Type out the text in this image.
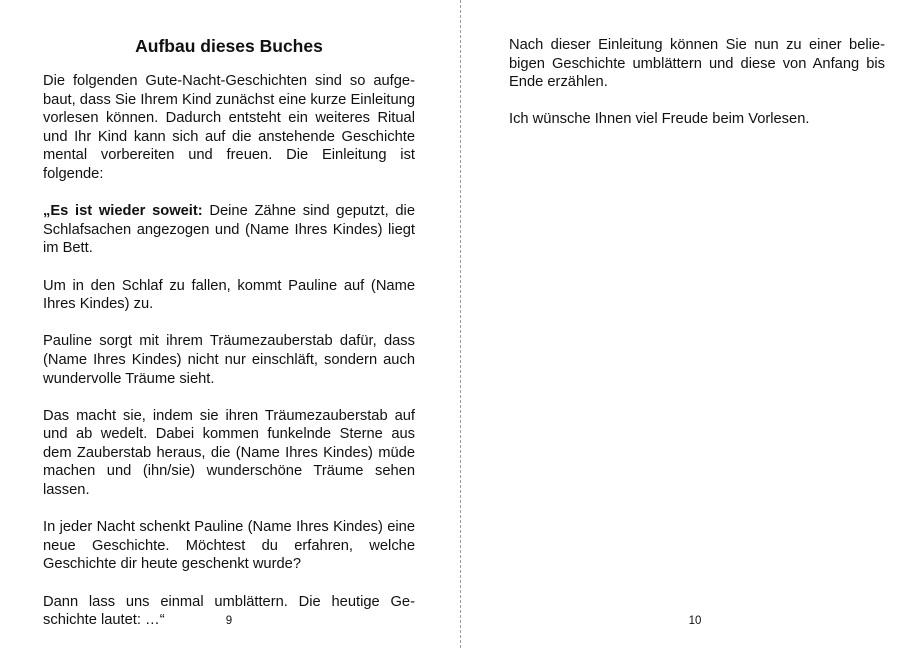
Aufbau dieses Buches

Die folgenden Gute-Nacht-Geschichten sind so aufgebaut, dass Sie Ihrem Kind zunächst eine kurze Einleitung vorlesen können. Dadurch entsteht ein weiteres Ritual und Ihr Kind kann sich auf die anstehende Geschichte mental vorbereiten und freuen. Die Einleitung ist folgende:

„Es ist wieder soweit: Deine Zähne sind geputzt, die Schlafsachen angezogen und (Name Ihres Kindes) liegt im Bett.

Um in den Schlaf zu fallen, kommt Pauline auf (Name Ihres Kindes) zu.

Pauline sorgt mit ihrem Träumezauberstab dafür, dass (Name Ihres Kindes) nicht nur einschläft, sondern auch wundervolle Träume sieht.

Das macht sie, indem sie ihren Träumezauberstab auf und ab wedelt. Dabei kommen funkelnde Sterne aus dem Zauberstab heraus, die (Name Ihres Kindes) müde machen und (ihn/sie) wunderschöne Träume sehen lassen.

In jeder Nacht schenkt Pauline (Name Ihres Kindes) eine neue Geschichte. Möchtest du erfahren, welche Geschichte dir heute geschenkt wurde?

Dann lass uns einmal umblättern. Die heutige Geschichte lautet: …“	9

Nach dieser Einleitung können Sie nun zu einer beliebigen Geschichte umblättern und diese von Anfang bis Ende erzählen.

Ich wünsche Ihnen viel Freude beim Vorlesen.

10
